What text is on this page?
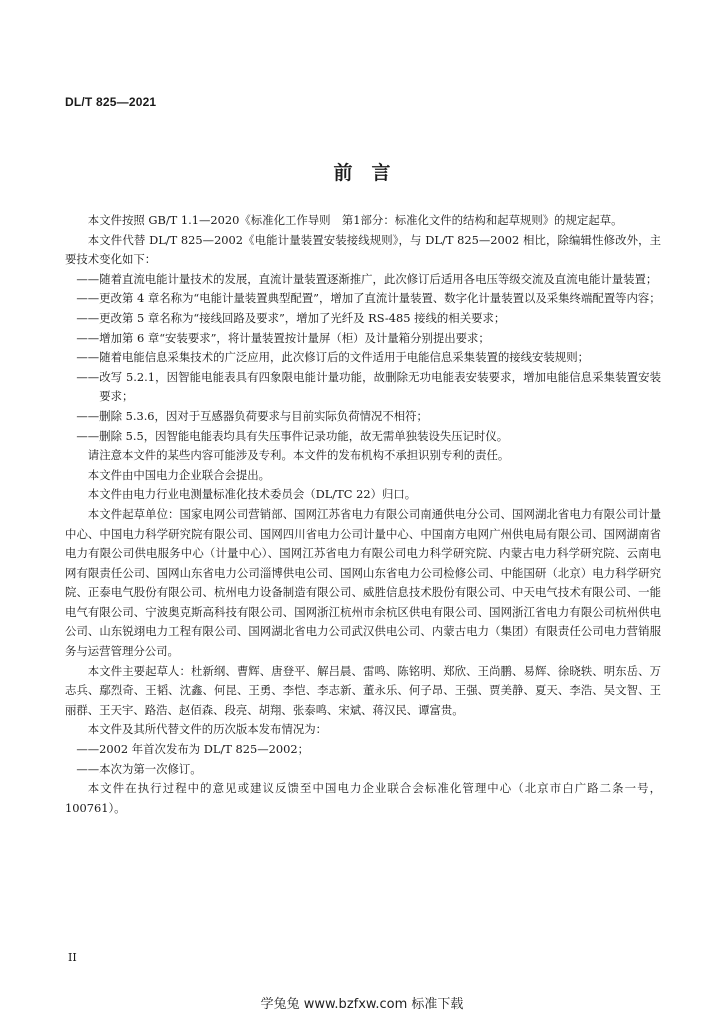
DL/T 825—2021
前　言

本文件按照 GB/T 1.1—2020《标准化工作导则　第1部分：标准化文件的结构和起草规则》的规定起草。

本文件代替 DL/T 825—2002《电能计量装置安装接线规则》，与 DL/T 825—2002 相比，除编辑性修改外，主要技术变化如下：

——随着直流电能计量技术的发展，直流计量装置逐渐推广，此次修订后适用各电压等级交流及直流电能计量装置；

——更改第 4 章名称为“电能计量装置典型配置”，增加了直流计量装置、数字化计量装置以及采集终端配置等内容；

——更改第 5 章名称为“接线回路及要求”，增加了光纤及 RS-485 接线的相关要求；

——增加第 6 章“安装要求”，将计量装置按计量屏（柜）及计量箱分别提出要求；

——随着电能信息采集技术的广泛应用，此次修订后的文件适用于电能信息采集装置的接线安装规则；

——改写 5.2.1，因智能电能表具有四象限电能计量功能，故删除无功电能表安装要求，增加电能信息采集装置安装要求；

——删除 5.3.6，因对于互感器负荷要求与目前实际负荷情况不相符；

——删除 5.5，因智能电能表均具有失压事件记录功能，故无需单独装设失压记时仪。

请注意本文件的某些内容可能涉及专利。本文件的发布机构不承担识别专利的责任。

本文件由中国电力企业联合会提出。

本文件由电力行业电测量标准化技术委员会（DL/TC 22）归口。

本文件起草单位：国家电网公司营销部、国网江苏省电力有限公司南通供电分公司、国网湖北省电力有限公司计量中心、中国电力科学研究院有限公司、国网四川省电力公司计量中心、中国南方电网广州供电局有限公司、国网湖南省电力有限公司供电服务中心（计量中心）、国网江苏省电力有限公司电力科学研究院、内蒙古电力科学研究院、云南电网有限责任公司、国网山东省电力公司淄博供电公司、国网山东省电力公司检修公司、中能国研（北京）电力科学研究院、正泰电气股份有限公司、杭州电力设备制造有限公司、威胜信息技术股份有限公司、中天电气技术有限公司、一能电气有限公司、宁波奥克斯高科技有限公司、国网浙江杭州市余杭区供电有限公司、国网浙江省电力有限公司杭州供电公司、山东锐翊电力工程有限公司、国网湖北省电力公司武汉供电公司、内蒙古电力（集团）有限责任公司电力营销服务与运营管理分公司。

本文件主要起草人：杜新纲、曹辉、唐登平、解吕晨、雷鸣、陈铭明、郑欣、王尚鹏、易辉、徐晓轶、明东岳、万志兵、鄢烈奇、王韬、沈鑫、何昆、王勇、李恺、李志新、董永乐、何子昂、王强、贾美静、夏天、李浩、吴文智、王丽群、王天宇、路浩、赵佰森、段亮、胡翔、张泰鸣、宋斌、蒋汉民、谭富贵。

本文件及其所代替文件的历次版本发布情况为：

——2002 年首次发布为 DL/T 825—2002；

——本次为第一次修订。

本文件在执行过程中的意见或建议反馈至中国电力企业联合会标准化管理中心（北京市白广路二条一号，100761）。

II
学兔兔 www.bzfxw.com 标准下载
